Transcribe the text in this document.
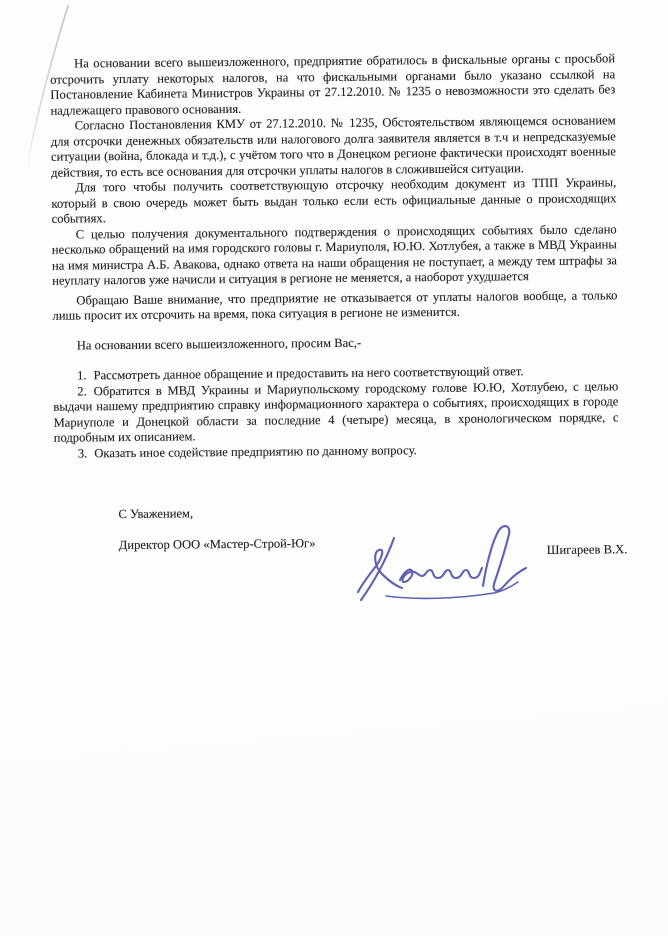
На основании всего вышеизложенного, предприятие обратилось в фискальные органы с просьбой отсрочить уплату некоторых налогов, на что фискальными органами было указано ссылкой на Постановление Кабинета Министров Украины от 27.12.2010. № 1235 о невозможности это сделать без надлежащего правового основания.

Согласно Постановления КМУ от 27.12.2010. № 1235, Обстоятельством являющемся основанием для отсрочки денежных обязательств или налогового долга заявителя является в т.ч и непредсказуемые ситуации (война, блокада и т.д.), с учётом того что в Донецком регионе фактически происходят военные действия, то есть все основания для отсрочки уплаты налогов в сложившейся ситуации.

Для того чтобы получить соответствующую отсрочку необходим документ из ТПП Украины, который в свою очередь может быть выдан только если есть официальные данные о происходящих событиях.

С целью получения документального подтверждения о происходящих событиях было сделано несколько обращений на имя городского головы г. Мариуполя, Ю.Ю. Хотлубея, а также в МВД Украины на имя министра А.Б. Авакова, однако ответа на наши обращения не поступает, а между тем штрафы за неуплату налогов уже начисли и ситуация в регионе не меняется, а наоборот ухудшается

Обращаю Ваше внимание, что предприятие не отказывается от уплаты налогов вообще, а только лишь просит их отсрочить на время, пока ситуация в регионе не изменится.

На основании всего вышеизложенного, просим Вас,-

1. Рассмотреть данное обращение и предоставить на него соответствующий ответ.

2. Обратится в МВД Украины и Мариупольскому городскому голове Ю.Ю, Хотлубею, с целью выдачи нашему предприятию справку информационного характера о событиях, происходящих в городе Мариуполе и Донецкой области за последние 4 (четыре) месяца, в хронологическом порядке, с подробным их описанием.

3. Оказать иное содействие предприятию по данному вопросу.

С Уважением,

Директор ООО «Мастер-Строй-Юг»	Шигареев В.Х.
